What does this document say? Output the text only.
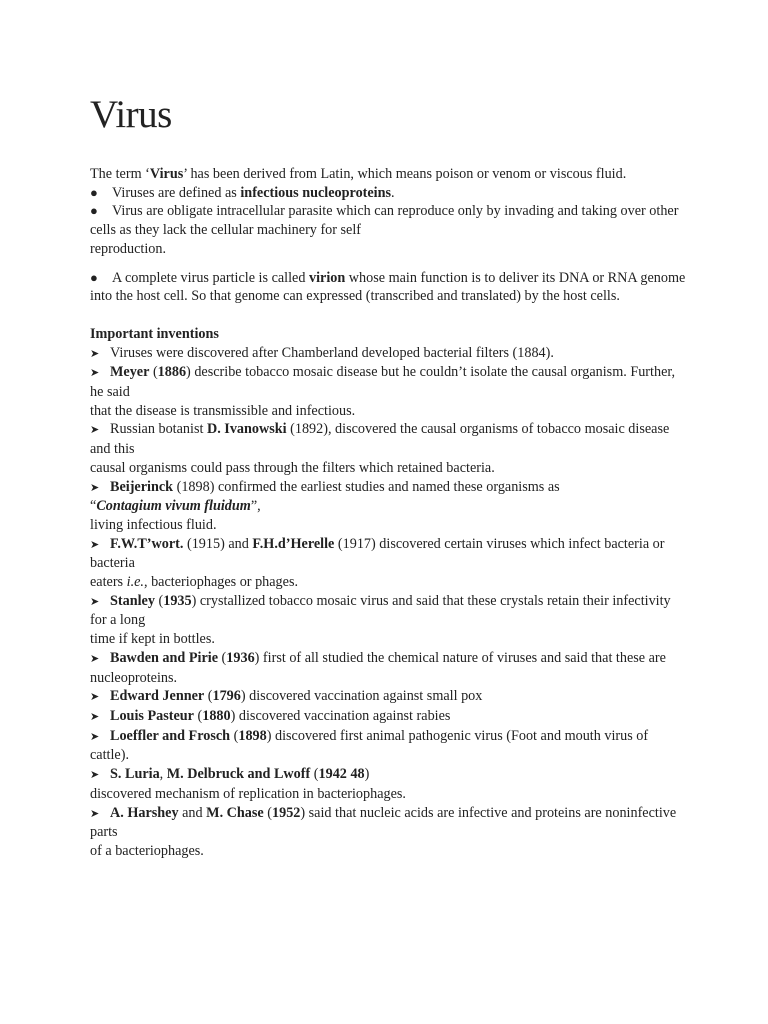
Virus

The term ‘Virus’ has been derived from Latin, which means poison or venom or viscous fluid.

● Viruses are defined as infectious nucleoproteins.

● Virus are obligate intracellular parasite which can reproduce only by invading and taking over other cells as they lack the cellular machinery for self

reproduction.

● A complete virus particle is called virion whose main function is to deliver its DNA or RNA genome into the host cell. So that genome can expressed (transcribed and translated) by the host cells.

Important inventions

➤ Viruses were discovered after Chamberland developed bacterial filters (1884).

➤ Meyer (1886) describe tobacco mosaic disease but he couldn’t isolate the causal organism. Further, he said

that the disease is transmissible and infectious.

➤ Russian botanist D. Ivanowski (1892), discovered the causal organisms of tobacco mosaic disease and this

causal organisms could pass through the filters which retained bacteria.

➤ Beijerinck (1898) confirmed the earliest studies and named these organisms as
“Contagium vivum fluidum”,

living infectious fluid.

➤ F.W.T’wort. (1915) and F.H.d’Herelle (1917) discovered certain viruses which infect bacteria or bacteria

eaters i.e., bacteriophages or phages.

➤ Stanley (1935) crystallized tobacco mosaic virus and said that these crystals retain their infectivity for a long

time if kept in bottles.

➤ Bawden and Pirie (1936) first of all studied the chemical nature of viruses and said that these are nucleoproteins.

➤ Edward Jenner (1796) discovered vaccination against small pox

➤ Louis Pasteur (1880) discovered vaccination against rabies

➤ Loeffler and Frosch (1898) discovered first animal pathogenic virus (Foot and mouth virus of cattle).

➤ S. Luria, M. Delbruck and Lwoff (1942 48)

discovered mechanism of replication in bacteriophages.

➤ A. Harshey and M. Chase (1952) said that nucleic acids are infective and proteins are noninfective

parts

of a bacteriophages.
